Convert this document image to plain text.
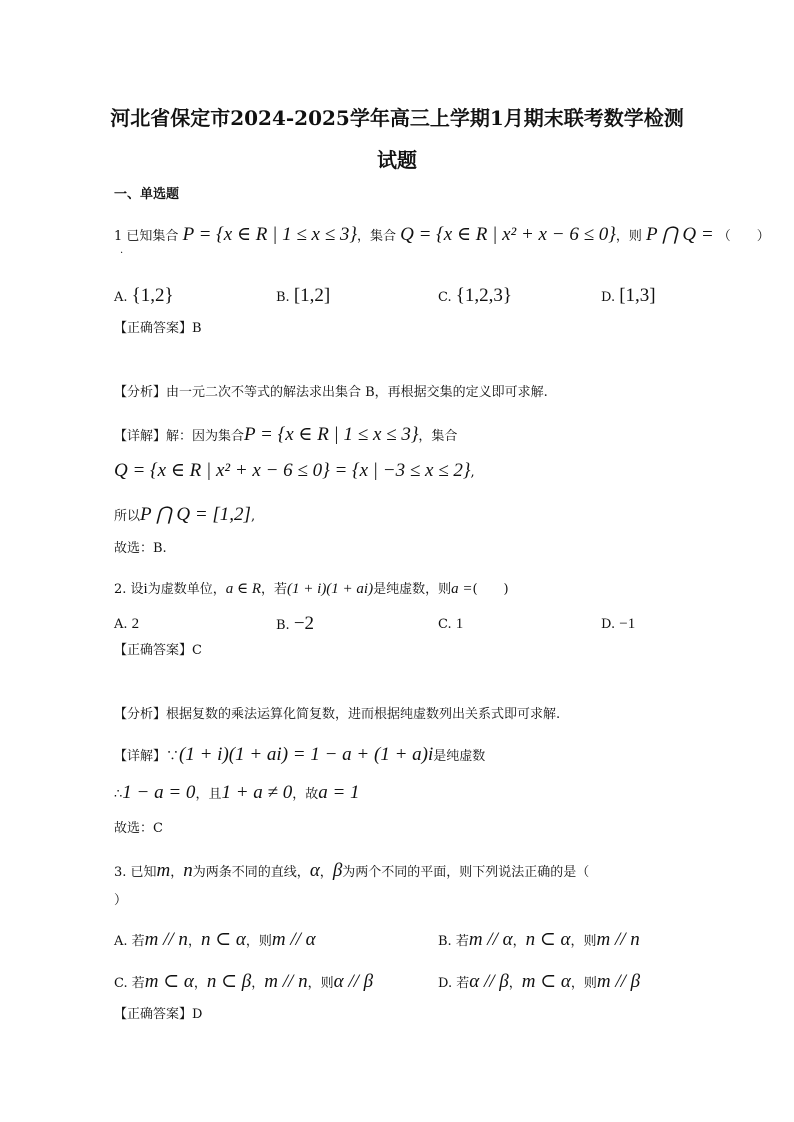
河北省保定市2024-2025学年高三上学期1月期末联考数学检测
试题
一、单选题
1 已知集合 P = {x ∈ R | 1 ≤ x ≤ 3}，集合 Q = {x ∈ R | x² + x − 6 ≤ 0}，则 P ⋂ Q = （　　）
.
A. {1,2}	B. [1,2]	C. {1,2,3}	D. [1,3]
【正确答案】B
【分析】由一元二次不等式的解法求出集合 B，再根据交集的定义即可求解.
【详解】解：因为集合P = {x ∈ R | 1 ≤ x ≤ 3}，集合
Q = {x ∈ R | x² + x − 6 ≤ 0} = {x | −3 ≤ x ≤ 2},
所以P ⋂ Q = [1,2],
故选：B.
2. 设i为虚数单位，a ∈ R，若(1 + i)(1 + ai)是纯虚数，则a =(　　)
A. 2	B. −2	C. 1	D. −1
【正确答案】C
【分析】根据复数的乘法运算化简复数，进而根据纯虚数列出关系式即可求解.
【详解】∵(1 + i)(1 + ai) = 1 − a + (1 + a)i是纯虚数
∴1 − a = 0，且1 + a ≠ 0，故a = 1
故选：C
3. 已知m，n为两条不同的直线，α，β为两个不同的平面，则下列说法正确的是（
）
A. 若m // n，n ⊂ α，则m // α	B. 若m // α，n ⊂ α，则m // n
C. 若m ⊂ α，n ⊂ β，m // n，则α // β	D. 若α // β，m ⊂ α，则m // β
【正确答案】D
